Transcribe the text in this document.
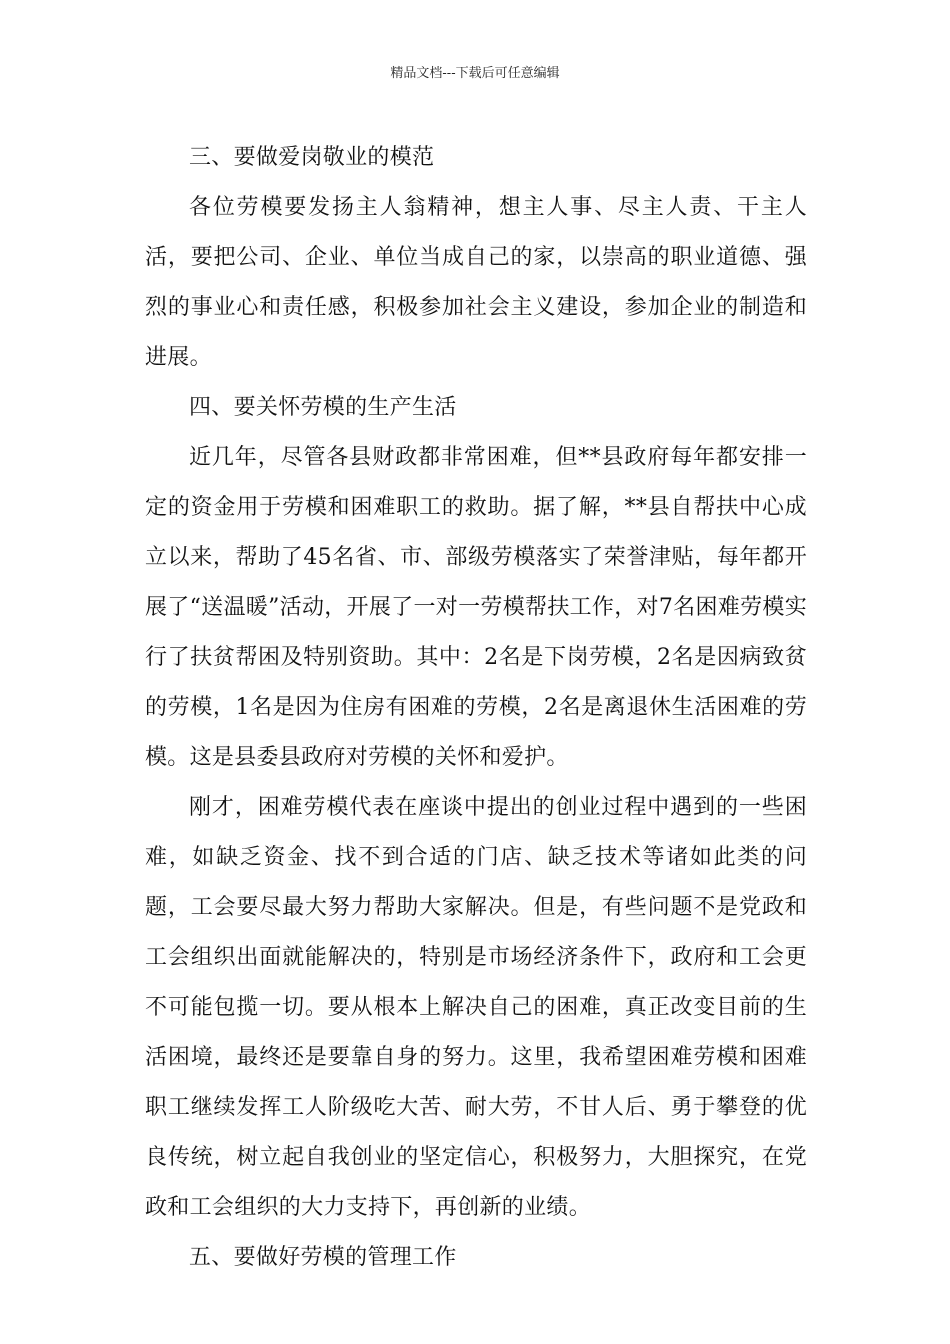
精品文档---下载后可任意编辑

三、要做爱岗敬业的模范

各位劳模要发扬主人翁精神，想主人事、尽主人责、干主人活，要把公司、企业、单位当成自己的家，以崇高的职业道德、强烈的事业心和责任感，积极参加社会主义建设，参加企业的制造和进展。

四、要关怀劳模的生产生活

近几年，尽管各县财政都非常困难，但**县政府每年都安排一定的资金用于劳模和困难职工的救助。据了解，**县自帮扶中心成立以来，帮助了45名省、市、部级劳模落实了荣誉津贴，每年都开展了“送温暖”活动，开展了一对一劳模帮扶工作，对7名困难劳模实行了扶贫帮困及特别资助。其中：2名是下岗劳模，2名是因病致贫的劳模，1名是因为住房有困难的劳模，2名是离退休生活困难的劳模。这是县委县政府对劳模的关怀和爱护。

刚才，困难劳模代表在座谈中提出的创业过程中遇到的一些困难，如缺乏资金、找不到合适的门店、缺乏技术等诸如此类的问题，工会要尽最大努力帮助大家解决。但是，有些问题不是党政和工会组织出面就能解决的，特别是市场经济条件下，政府和工会更不可能包揽一切。要从根本上解决自己的困难，真正改变目前的生活困境，最终还是要靠自身的努力。这里，我希望困难劳模和困难职工继续发挥工人阶级吃大苦、耐大劳，不甘人后、勇于攀登的优良传统，树立起自我创业的坚定信心，积极努力，大胆探究，在党政和工会组织的大力支持下，再创新的业绩。

五、要做好劳模的管理工作
